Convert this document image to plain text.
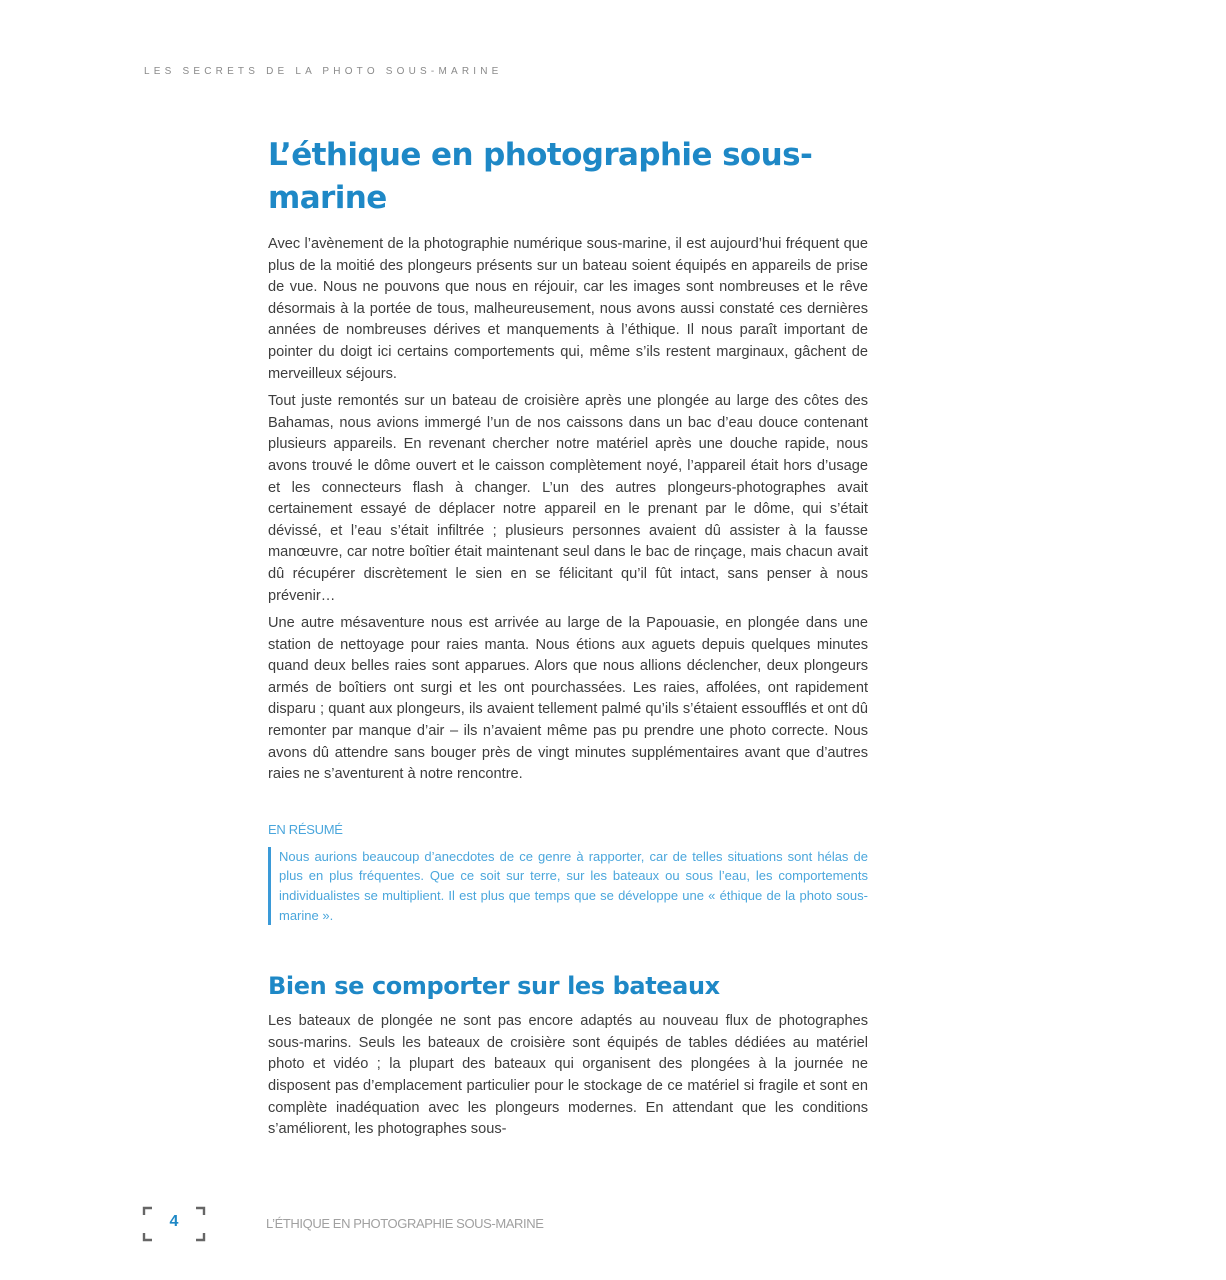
LES SECRETS DE LA PHOTO SOUS-MARINE
L’éthique en photographie sous-marine

Avec l’avènement de la photographie numérique sous-marine, il est aujourd’hui fréquent que plus de la moitié des plongeurs présents sur un bateau soient équipés en appareils de prise de vue. Nous ne pouvons que nous en réjouir, car les images sont nombreuses et le rêve désormais à la portée de tous, malheureusement, nous avons aussi constaté ces dernières années de nombreuses dérives et manquements à l’éthique. Il nous paraît important de pointer du doigt ici certains comportements qui, même s’ils restent marginaux, gâchent de merveilleux séjours.

Tout juste remontés sur un bateau de croisière après une plongée au large des côtes des Bahamas, nous avions immergé l’un de nos caissons dans un bac d’eau douce contenant plusieurs appareils. En revenant chercher notre matériel après une douche rapide, nous avons trouvé le dôme ouvert et le caisson complètement noyé, l’appareil était hors d’usage et les connecteurs flash à changer. L’un des autres plongeurs-photographes avait certainement essayé de déplacer notre appareil en le prenant par le dôme, qui s’était dévissé, et l’eau s’était infiltrée ; plusieurs personnes avaient dû assister à la fausse manœuvre, car notre boîtier était maintenant seul dans le bac de rinçage, mais chacun avait dû récupérer discrètement le sien en se félicitant qu’il fût intact, sans penser à nous prévenir…

Une autre mésaventure nous est arrivée au large de la Papouasie, en plongée dans une station de nettoyage pour raies manta. Nous étions aux aguets depuis quelques minutes quand deux belles raies sont apparues. Alors que nous allions déclencher, deux plongeurs armés de boîtiers ont surgi et les ont pourchassées. Les raies, affolées, ont rapidement disparu ; quant aux plongeurs, ils avaient tellement palmé qu’ils s’étaient essoufflés et ont dû remonter par manque d’air – ils n’avaient même pas pu prendre une photo correcte. Nous avons dû attendre sans bouger près de vingt minutes supplémentaires avant que d’autres raies ne s’aventurent à notre rencontre.

EN RÉSUMÉ

Nous aurions beaucoup d’anecdotes de ce genre à rapporter, car de telles situations sont hélas de plus en plus fréquentes. Que ce soit sur terre, sur les bateaux ou sous l’eau, les comportements individualistes se multiplient. Il est plus que temps que se développe une « éthique de la photo sous-marine ».

Bien se comporter sur les bateaux

Les bateaux de plongée ne sont pas encore adaptés au nouveau flux de photographes sous-marins. Seuls les bateaux de croisière sont équipés de tables dédiées au matériel photo et vidéo ; la plupart des bateaux qui organisent des plongées à la journée ne disposent pas d’emplacement particulier pour le stockage de ce matériel si fragile et sont en complète inadéquation avec les plongeurs modernes. En attendant que les conditions s’améliorent, les photographes sous-

4	L’ÉTHIQUE EN PHOTOGRAPHIE SOUS-MARINE
